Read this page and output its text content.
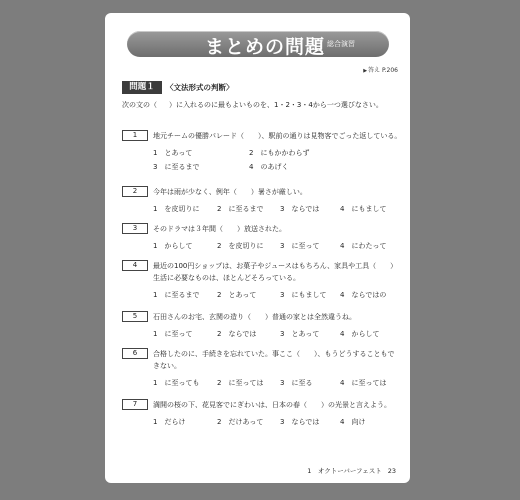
まとめの問題 総合演習
▶答え P.206
問題１	〈文法形式の判断〉
次の文の（ ）に入れるのに最もよいものを、1・2・3・4から一つ選びなさい。
1	地元チームの優勝パレード（　　）、駅前の通りは見物客でごった返している。
1　とあって	2　にもかかわらず
3　に至るまで	4　のあげく
2	今年は雨が少なく、例年（　　）暑さが厳しい。
1　を皮切りに	2　に至るまで 3　ならでは	4　にもまして
3	そのドラマは３年間（　　）放送された。
1　からして	2　を皮切りに 3　に至って	4　にわたって
4	最近の100円ショップは、お菓子やジュースはもちろん、家具や工具（　　）
生活に必要なものは、ほとんどそろっている。
1　に至るまで	2　とあって	3　にもまして 4　ならではの
5	石田さんのお宅、玄関の造り（　　）普通の家とは全然違うね。
1　に至って	2　ならでは	3　とあって	4　からして
6	合格したのに、手続きを忘れていた。事ここ（　　）、もうどうすることもで
きない。
1　に至っても	2　に至っては 3　に至る	4　に至っては
7	満開の桜の下、花見客でにぎわいは、日本の春（　　）の光景と言えよう。
1　だらけ	2　だけあって 3　ならでは	4　向け
1　オクトーバーフェスト 23
